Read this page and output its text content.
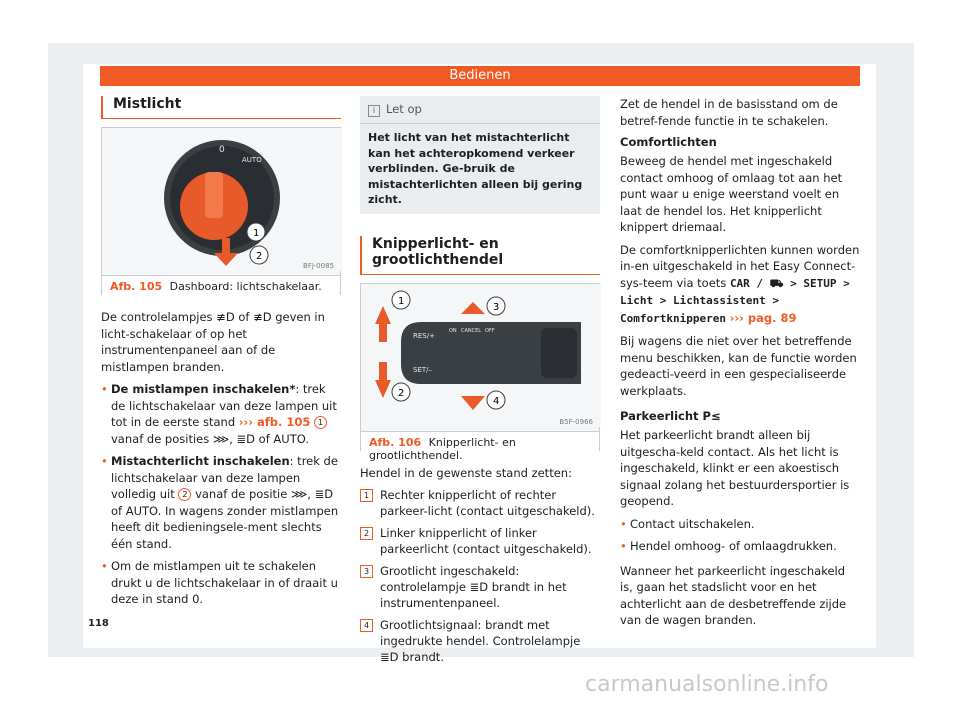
Bedienen
Mistlicht
0
AUTO
1
2
BFJ-0085
Afb. 105 Dashboard: lichtschakelaar.

De controlelampjes ≢D of ≢D geven in licht-schakelaar of op het instrumentenpaneel aan of de mistlampen branden.

• De mistlampen inschakelen*: trek de lichtschakelaar van deze lampen uit tot in de eerste stand ››› afb. 105 1 vanaf de posities ⋙, ≣D of AUTO.

• Mistachterlicht inschakelen: trek de lichtschakelaar van deze lampen volledig uit 2 vanaf de positie ⋙, ≣D of AUTO. In wagens zonder mistlampen heeft dit bedieningsele-ment slechts één stand.

• Om de mistlampen uit te schakelen drukt u de lichtschakelaar in of draait u deze in stand 0.

i Let op
Het licht van het mistachterlicht kan het achteropkomend verkeer verblinden. Ge-bruik de mistachterlichten alleen bij gering zicht.
Knipperlicht- en grootlichthendel
RES/+
ON CANCEL OFF
SET/–
1
2
3
4
B5F-0966
Afb. 106 Knipperlicht- en grootlichthendel.

Hendel in de gewenste stand zetten:

1 Rechter knipperlicht of rechter parkeer-licht (contact uitgeschakeld).
2 Linker knipperlicht of linker parkeerlicht (contact uitgeschakeld).
3 Grootlicht ingeschakeld: controlelampje ≣D brandt in het instrumentenpaneel.
4 Grootlichtsignaal: brandt met ingedrukte hendel. Controlelampje ≣D brandt.

Zet de hendel in de basisstand om de betref-fende functie in te schakelen.

Comfortlichten

Beweeg de hendel met ingeschakeld contact omhoog of omlaag tot aan het punt waar u enige weerstand voelt en laat de hendel los. Het knipperlicht knippert driemaal.

De comfortknipperlichten kunnen worden in-en uitgeschakeld in het Easy Connect-sys-teem via toets CAR / ⛟ > SETUP > Licht > Lichtassistent > Comfortknipperen ››› pag. 89

Bij wagens die niet over het betreffende menu beschikken, kan de functie worden gedeacti-veerd in een gespecialiseerde werkplaats.

Parkeerlicht P≤

Het parkeerlicht brandt alleen bij uitgescha-keld contact. Als het licht is ingeschakeld, klinkt er een akoestisch signaal zolang het bestuurdersportier is geopend.

• Contact uitschakelen.

• Hendel omhoog- of omlaagdrukken.

Wanneer het parkeerlicht ingeschakeld is, gaan het stadslicht voor en het achterlicht aan de desbetreffende zijde van de wagen branden.

118
carmanualsonline.info
